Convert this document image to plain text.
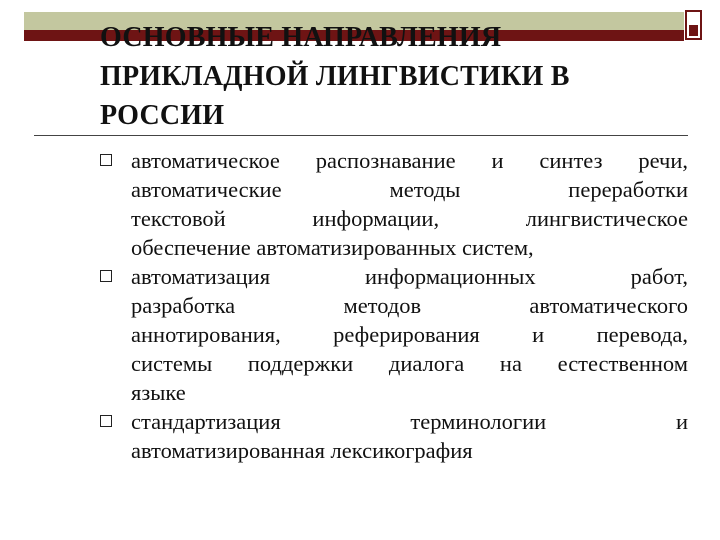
ОСНОВНЫЕ НАПРАВЛЕНИЯ ПРИКЛАДНОЙ ЛИНГВИСТИКИ В РОССИИ
автоматическое распознавание и синтез речи,
автоматические методы переработки
текстовой информации, лингвистическое
обеспечение автоматизированных систем,
автоматизация информационных работ,
разработка методов автоматического
аннотирования, реферирования и перевода,
системы поддержки диалога на естественном
языке
стандартизация терминологии и
автоматизированная лексикография
